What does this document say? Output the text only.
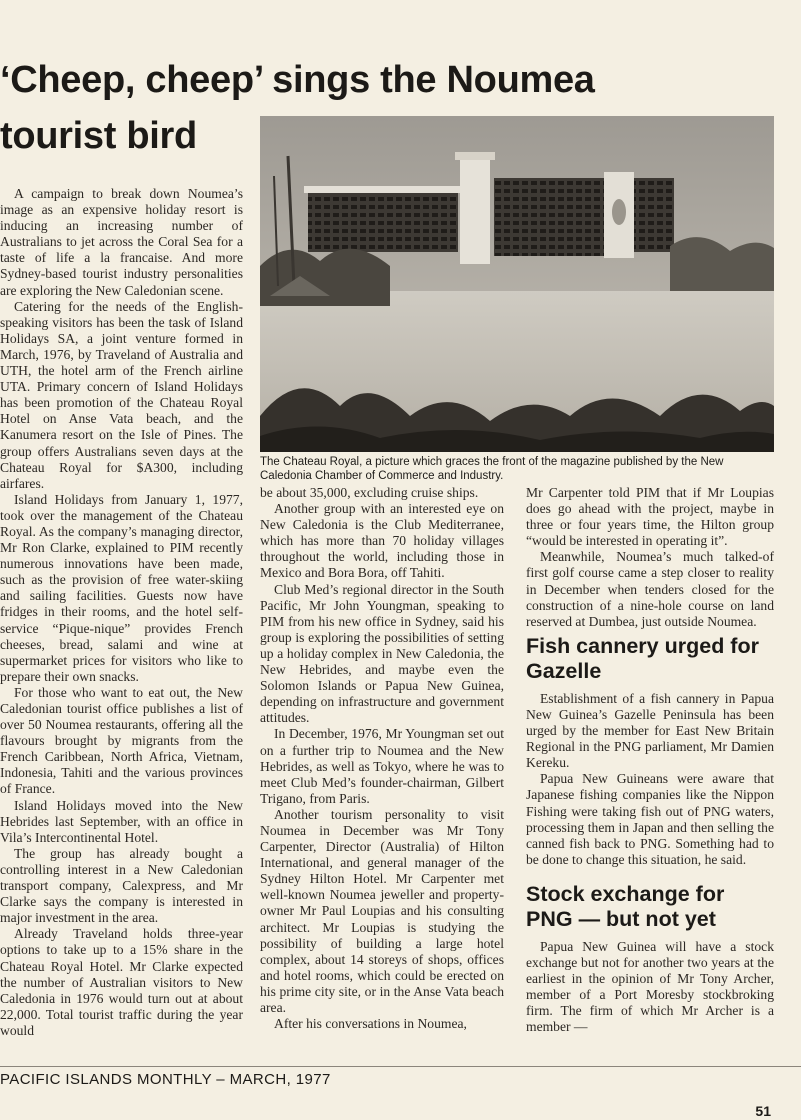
‘Cheep, cheep’ sings the Noumea tourist bird
The Chateau Royal, a picture which graces the front of the magazine published by the New Caledonia Chamber of Commerce and Industry.

A campaign to break down Noumea’s image as an expensive holiday resort is inducing an increasing number of Australians to jet across the Coral Sea for a taste of life a la francaise. And more Sydney-based tourist industry personalities are exploring the New Caledonian scene.

Catering for the needs of the English-speaking visitors has been the task of Island Holidays SA, a joint venture formed in March, 1976, by Traveland of Australia and UTH, the hotel arm of the French airline UTA. Primary concern of Island Holidays has been promotion of the Chateau Royal Hotel on Anse Vata beach, and the Kanumera resort on the Isle of Pines. The group offers Australians seven days at the Chateau Royal for $A300, including airfares.

Island Holidays from January 1, 1977, took over the management of the Chateau Royal. As the company’s managing director, Mr Ron Clarke, explained to PIM recently numerous innovations have been made, such as the provision of free water-skiing and sailing facilities. Guests now have fridges in their rooms, and the hotel self-service “Pique-nique” provides French cheeses, bread, salami and wine at supermarket prices for visitors who like to prepare their own snacks.

For those who want to eat out, the New Caledonian tourist office publishes a list of over 50 Noumea restaurants, offering all the flavours brought by migrants from the French Caribbean, North Africa, Vietnam, Indonesia, Tahiti and the various provinces of France.

Island Holidays moved into the New Hebrides last September, with an office in Vila’s Intercontinental Hotel.

The group has already bought a controlling interest in a New Caledonian transport company, Calexpress, and Mr Clarke says the company is interested in major investment in the area.

Already Traveland holds three-year options to take up to a 15% share in the Chateau Royal Hotel. Mr Clarke expected the number of Australian visitors to New Caledonia in 1976 would turn out at about 22,000. Total tourist traffic during the year would

be about 35,000, excluding cruise ships.

Another group with an interested eye on New Caledonia is the Club Mediterranee, which has more than 70 holiday villages throughout the world, including those in Mexico and Bora Bora, off Tahiti.

Club Med’s regional director in the South Pacific, Mr John Youngman, speaking to PIM from his new office in Sydney, said his group is exploring the possibilities of setting up a holiday complex in New Caledonia, the New Hebrides, and maybe even the Solomon Islands or Papua New Guinea, depending on infrastructure and government attitudes.

In December, 1976, Mr Youngman set out on a further trip to Noumea and the New Hebrides, as well as Tokyo, where he was to meet Club Med’s founder-chairman, Gilbert Trigano, from Paris.

Another tourism personality to visit Noumea in December was Mr Tony Carpenter, Director (Australia) of Hilton International, and general manager of the Sydney Hilton Hotel. Mr Carpenter met well-known Noumea jeweller and property-owner Mr Paul Loupias and his consulting architect. Mr Loupias is studying the possibility of building a large hotel complex, about 14 storeys of shops, offices and hotel rooms, which could be erected on his prime city site, or in the Anse Vata beach area.

After his conversations in Noumea,

Mr Carpenter told PIM that if Mr Loupias does go ahead with the project, maybe in three or four years time, the Hilton group “would be interested in operating it”.

Meanwhile, Noumea’s much talked-of first golf course came a step closer to reality in December when tenders closed for the construction of a nine-hole course on land reserved at Dumbea, just outside Noumea.

Fish cannery urged for Gazelle

Establishment of a fish cannery in Papua New Guinea’s Gazelle Peninsula has been urged by the member for East New Britain Regional in the PNG parliament, Mr Damien Kereku.

Papua New Guineans were aware that Japanese fishing companies like the Nippon Fishing were taking fish out of PNG waters, processing them in Japan and then selling the canned fish back to PNG. Something had to be done to change this situation, he said.

Stock exchange for PNG — but not yet

Papua New Guinea will have a stock exchange but not for another two years at the earliest in the opinion of Mr Tony Archer, member of a Port Moresby stockbroking firm. The firm of which Mr Archer is a member —

PACIFIC ISLANDS MONTHLY – MARCH, 1977
51
